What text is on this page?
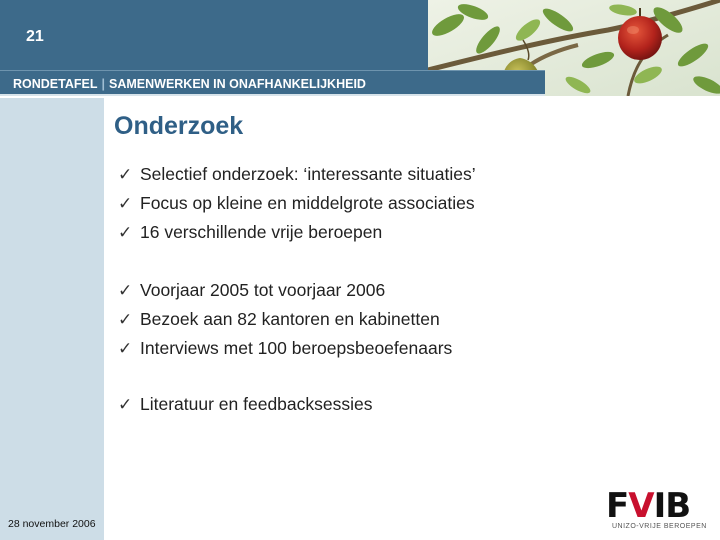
21
RONDETAFEL | SAMENWERKEN IN ONAFHANKELIJKHEID
Onderzoek
✓ Selectief onderzoek: ‘interessante situaties’
✓ Focus op kleine en middelgrote associaties
✓ 16 verschillende vrije beroepen
✓ Voorjaar 2005 tot voorjaar 2006
✓ Bezoek aan 82 kantoren en kabinetten
✓ Interviews met 100 beroepsbeoefenaars
✓ Literatuur en feedbacksessies
28 november 2006	FVIB
UNIZO-VRIJE BEROEPEN
